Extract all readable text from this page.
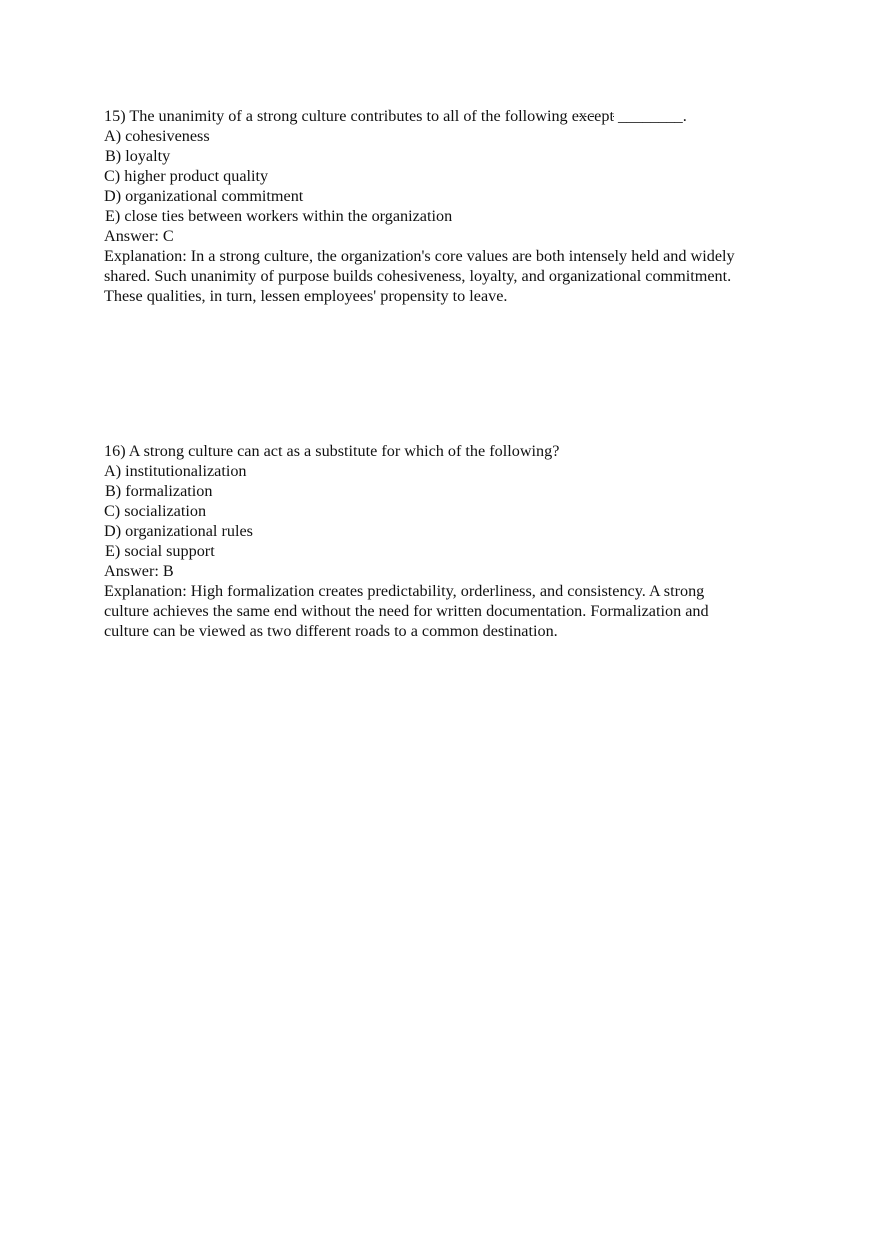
15) The unanimity of a strong culture contributes to all of the following except ________.
A) cohesiveness
B) loyalty
C) higher product quality
D) organizational commitment
E) close ties between workers within the organization
Answer: C
Explanation: In a strong culture, the organization's core values are both intensely held and widely
shared. Such unanimity of purpose builds cohesiveness, loyalty, and organizational commitment.
These qualities, in turn, lessen employees' propensity to leave.
16) A strong culture can act as a substitute for which of the following?
A) institutionalization
B) formalization
C) socialization
D) organizational rules
E) social support
Answer: B
Explanation: High formalization creates predictability, orderliness, and consistency. A strong
culture achieves the same end without the need for written documentation. Formalization and
culture can be viewed as two different roads to a common destination.
